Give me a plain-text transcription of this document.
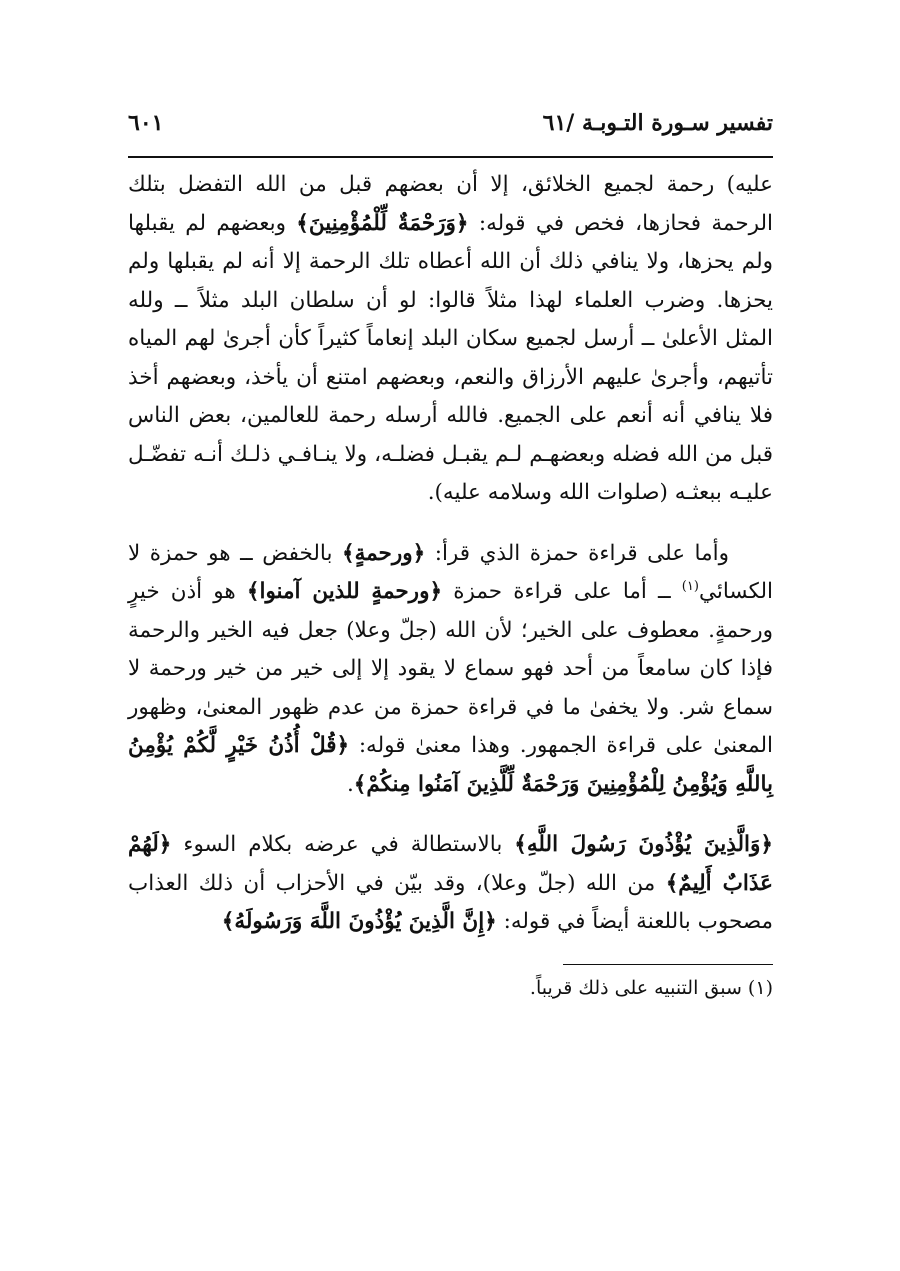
تفسير سـورة التـوبـة /٦١
٦٠١

عليه) رحمة لجميع الخلائق، إلا أن بعضهم قبل من الله التفضل بتلك الرحمة فحازها، فخص في قوله: ﴿وَرَحْمَةٌ لِّلْمُؤْمِنِينَ﴾ وبعضهم لم يقبلها ولم يحزها، ولا ينافي ذلك أن الله أعطاه تلك الرحمة إلا أنه لم يقبلها ولم يحزها. وضرب العلماء لهذا مثلاً قالوا: لو أن سلطان البلد مثلاً ــ ولله المثل الأعلىٰ ــ أرسل لجميع سكان البلد إنعاماً كثيراً كأن أجرىٰ لهم المياه تأتيهم، وأجرىٰ عليهم الأرزاق والنعم، وبعضهم امتنع أن يأخذ، وبعضهم أخذ فلا ينافي أنه أنعم على الجميع. فالله أرسله رحمة للعالمين، بعض الناس قبل من الله فضله وبعضهـم لـم يقبـل فضلـه، ولا ينـافـي ذلـك أنـه تفضّـل عليـه ببعثـه (صلوات الله وسلامه عليه).

وأما على قراءة حمزة الذي قرأ: ﴿ورحمةٍ﴾ بالخفض ــ هو حمزة لا الكسائي$^{(١)}$ ــ أما على قراءة حمزة ﴿ورحمةٍ للذين آمنوا﴾ هو أذن خيرٍ ورحمةٍ. معطوف على الخير؛ لأن الله (جلّ وعلا) جعل فيه الخير والرحمة فإذا كان سامعاً من أحد فهو سماع لا يقود إلا إلى خير من خير ورحمة لا سماع شر. ولا يخفىٰ ما في قراءة حمزة من عدم ظهور المعنىٰ، وظهور المعنىٰ على قراءة الجمهور. وهذا معنىٰ قوله: ﴿قُلْ أُذُنُ خَيْرٍ لَّكُمْ يُؤْمِنُ بِاللَّهِ وَيُؤْمِنُ لِلْمُؤْمِنِينَ وَرَحْمَةٌ لِّلَّذِينَ آمَنُوا مِنكُمْ﴾.

﴿وَالَّذِينَ يُؤْذُونَ رَسُولَ اللَّهِ﴾ بالاستطالة في عرضه بكلام السوء ﴿لَهُمْ عَذَابٌ أَلِيمٌ﴾ من الله (جلّ وعلا)، وقد بيّن في الأحزاب أن ذلك العذاب مصحوب باللعنة أيضاً في قوله: ﴿إِنَّ الَّذِينَ يُؤْذُونَ اللَّهَ وَرَسُولَهُ﴾

(١) سبق التنبيه على ذلك قريباً.
